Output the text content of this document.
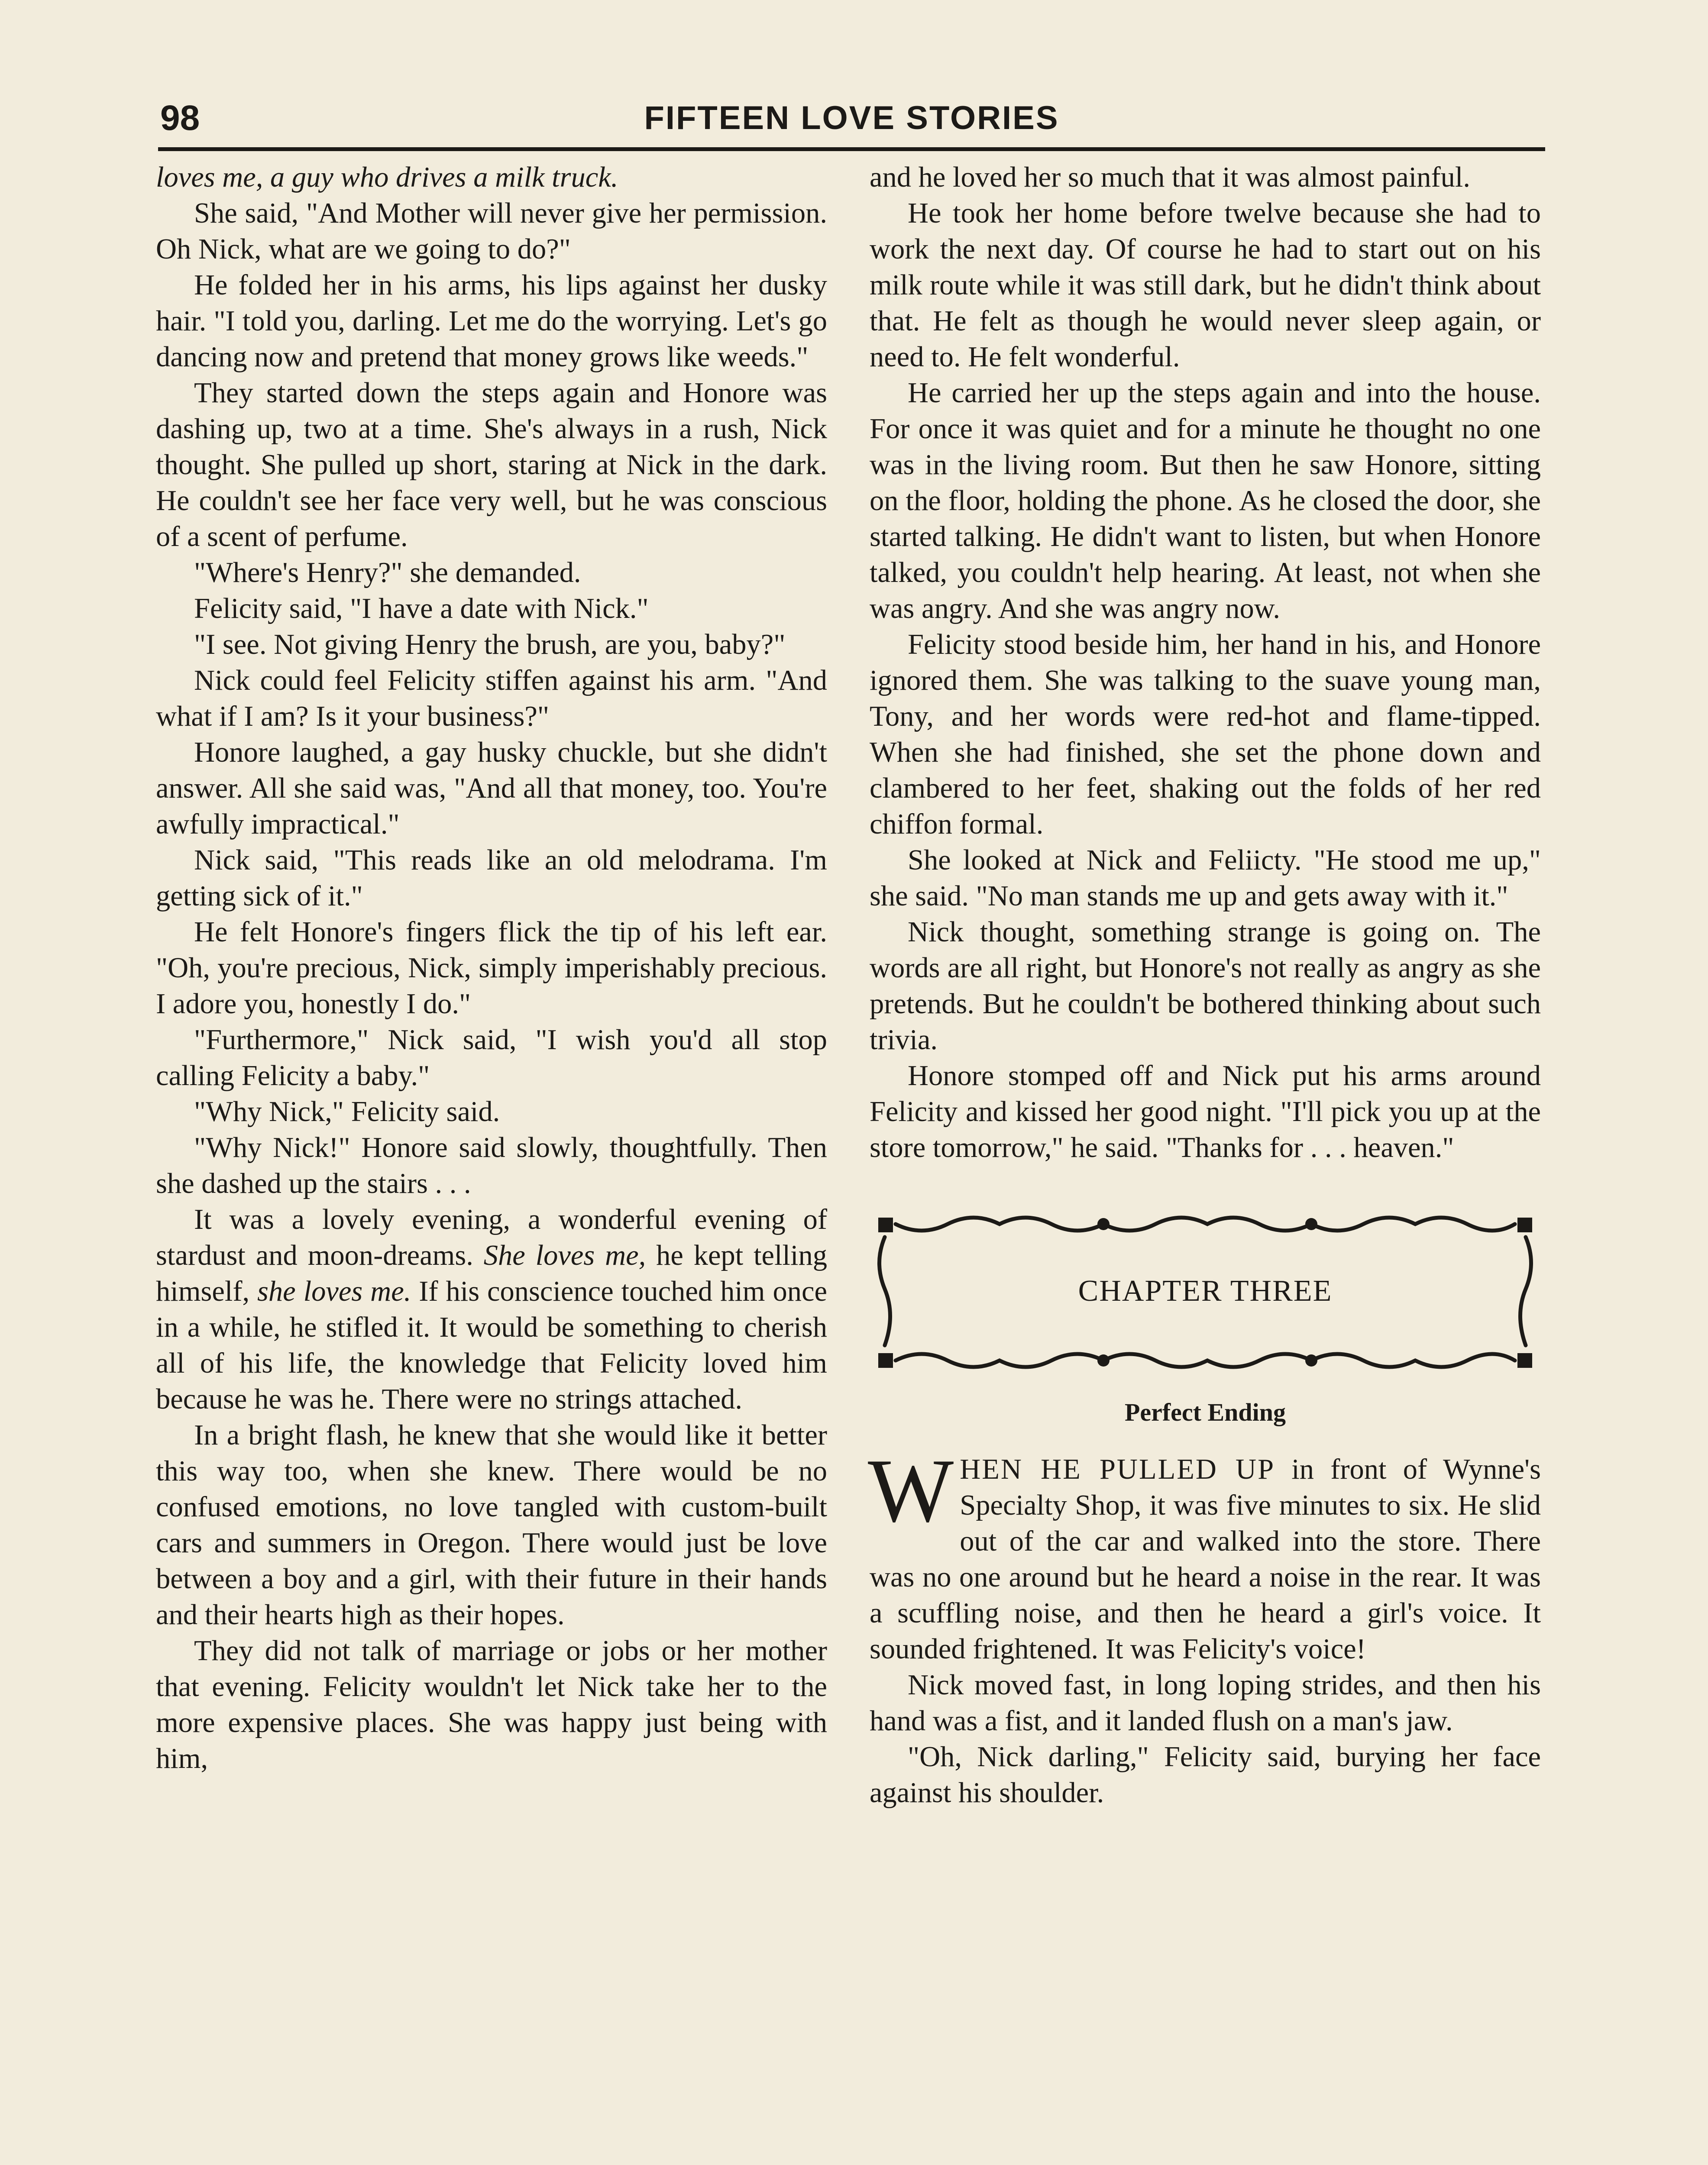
98	FIFTEEN LOVE STORIES

loves me, a guy who drives a milk truck.

She said, "And Mother will never give her permission. Oh Nick, what are we going to do?"

He folded her in his arms, his lips against her dusky hair. "I told you, darling. Let me do the worrying. Let's go dancing now and pretend that money grows like weeds."

They started down the steps again and Honore was dashing up, two at a time. She's always in a rush, Nick thought. She pulled up short, staring at Nick in the dark. He couldn't see her face very well, but he was conscious of a scent of perfume.

"Where's Henry?" she demanded.

Felicity said, "I have a date with Nick."

"I see. Not giving Henry the brush, are you, baby?"

Nick could feel Felicity stiffen against his arm. "And what if I am? Is it your business?"

Honore laughed, a gay husky chuckle, but she didn't answer. All she said was, "And all that money, too. You're awfully impractical."

Nick said, "This reads like an old melodrama. I'm getting sick of it."

He felt Honore's fingers flick the tip of his left ear. "Oh, you're precious, Nick, simply imperishably precious. I adore you, honestly I do."

"Furthermore," Nick said, "I wish you'd all stop calling Felicity a baby."

"Why Nick," Felicity said.

"Why Nick!" Honore said slowly, thoughtfully. Then she dashed up the stairs . . .

It was a lovely evening, a wonderful evening of stardust and moon-dreams. She loves me, he kept telling himself, she loves me. If his conscience touched him once in a while, he stifled it. It would be something to cherish all of his life, the knowledge that Felicity loved him because he was he. There were no strings attached.

In a bright flash, he knew that she would like it better this way too, when she knew. There would be no confused emotions, no love tangled with custom-built cars and summers in Oregon. There would just be love between a boy and a girl, with their future in their hands and their hearts high as their hopes.

They did not talk of marriage or jobs or her mother that evening. Felicity wouldn't let Nick take her to the more expensive places. She was happy just being with him,

and he loved her so much that it was almost painful.

He took her home before twelve because she had to work the next day. Of course he had to start out on his milk route while it was still dark, but he didn't think about that. He felt as though he would never sleep again, or need to. He felt wonderful.

He carried her up the steps again and into the house. For once it was quiet and for a minute he thought no one was in the living room. But then he saw Honore, sitting on the floor, holding the phone. As he closed the door, she started talking. He didn't want to listen, but when Honore talked, you couldn't help hearing. At least, not when she was angry. And she was angry now.

Felicity stood beside him, her hand in his, and Honore ignored them. She was talking to the suave young man, Tony, and her words were red-hot and flame-tipped. When she had finished, she set the phone down and clambered to her feet, shaking out the folds of her red chiffon formal.

She looked at Nick and Feliicty. "He stood me up," she said. "No man stands me up and gets away with it."

Nick thought, something strange is going on. The words are all right, but Honore's not really as angry as she pretends. But he couldn't be bothered thinking about such trivia.

Honore stomped off and Nick put his arms around Felicity and kissed her good night. "I'll pick you up at the store tomorrow," he said. "Thanks for . . . heaven."

CHAPTER THREE
Perfect Ending

WHEN HE PULLED UP in front of Wynne's Specialty Shop, it was five minutes to six. He slid out of the car and walked into the store. There was no one around but he heard a noise in the rear. It was a scuffling noise, and then he heard a girl's voice. It sounded frightened. It was Felicity's voice!

Nick moved fast, in long loping strides, and then his hand was a fist, and it landed flush on a man's jaw.

"Oh, Nick darling," Felicity said, burying her face against his shoulder.
